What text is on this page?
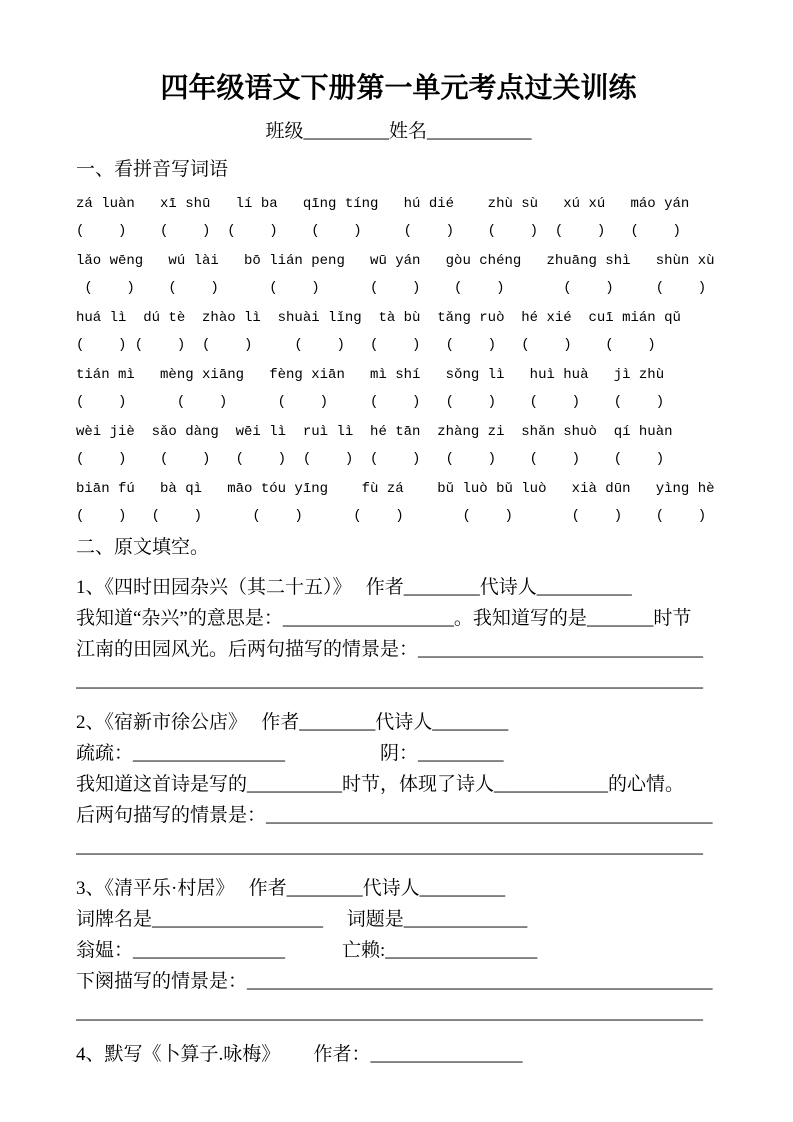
四年级语文下册第一单元考点过关训练
班级_________姓名___________
一、看拼音写词语
zá luàn   xī shū   lí ba   qīng tíng   hú dié    zhù sù   xú xú   máo yán
(    )    (    )  (    )    (    )     (    )    (    )  (    )   (    )
lǎo wēng   wú lài   bō lián peng   wū yán   gòu chéng   zhuāng shì   shùn xù
(    )    (    )      (    )      (    )    (    )       (    )     (    )
huá lì  dú tè  zhào lì  shuài lǐng  tà bù  tǎng ruò  hé xié  cuī mián qǔ
(    ) (    )  (    )     (    )   (    )   (    )   (    )    (    )
tián mì   mèng xiāng   fèng xiān   mì shí   sǒng lì   huì huà   jì zhù
(    )      (    )      (    )     (    )   (    )    (    )    (    )
wèi jiè  sǎo dàng  wēi lì  ruì lì  hé tān  zhàng zi  shǎn shuò  qí huàn
(    )    (    )   (    )  (    )  (    )   (    )    (    )    (    )
biān fú   bà qì   māo tóu yīng    fù zá    bǔ luò bǔ luò   xià dūn   yìng hè
(    )   (    )      (    )      (    )       (    )       (    )    (    )
二、原文填空。
1、《四时田园杂兴（其二十五）》　 作者________代诗人__________
我知道“杂兴”的意思是：__________________。我知道写的是_______时节
江南的田园风光。后两句描写的情景是：______________________________
__________________________________________________________________
2、《宿新市徐公店》　 作者________代诗人________
疏疏：________________　　　　　阴：_________
我知道这首诗是写的__________时节，体现了诗人____________的心情。
后两句描写的情景是：_______________________________________________
__________________________________________________________________
3、《清平乐·村居》　 作者________代诗人_________
词牌名是__________________　 词题是_____________
翁媪：________________　　　亡赖:________________
下阕描写的情景是：_________________________________________________
__________________________________________________________________
4、默写《卜算子.咏梅》　　 作者：________________
